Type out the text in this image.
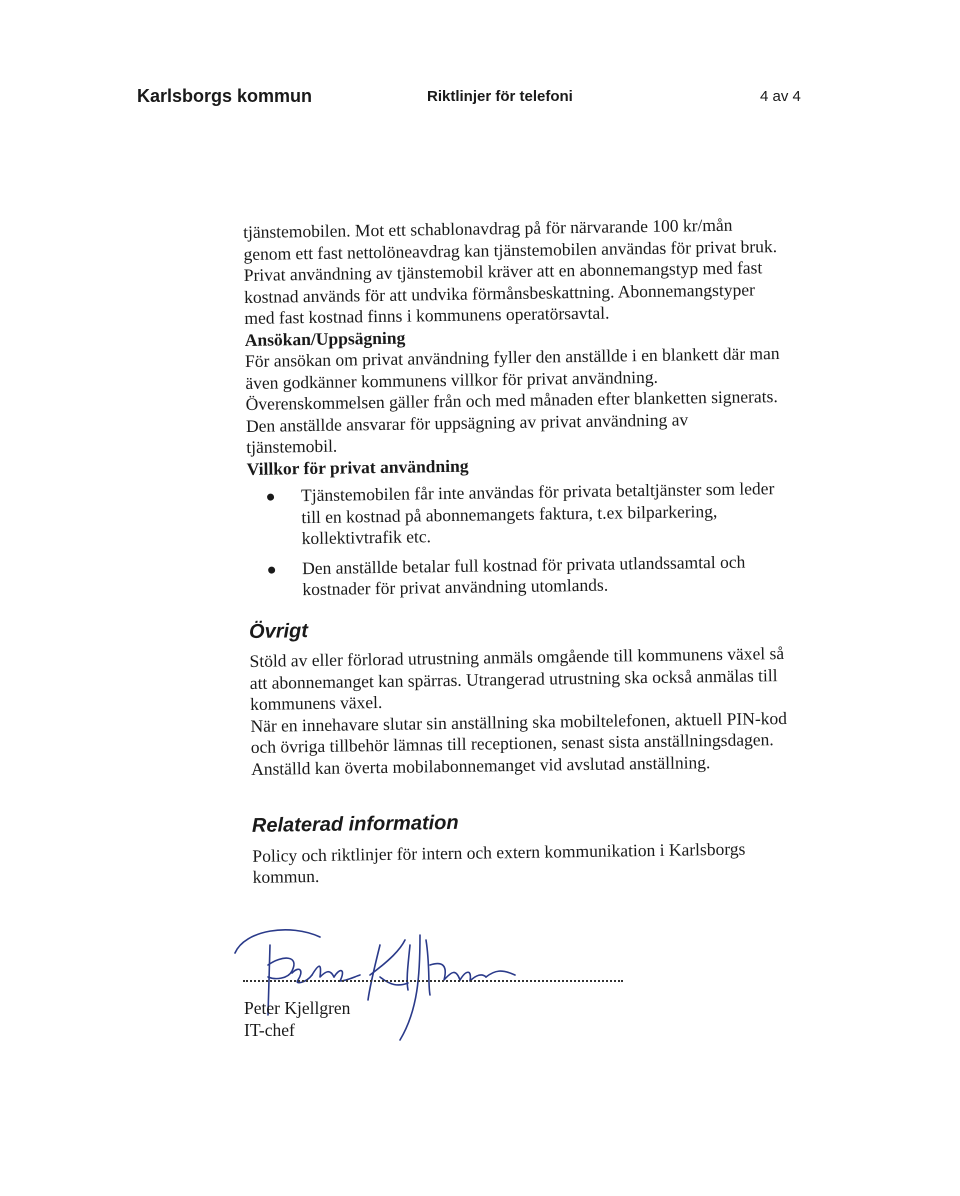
Karlsborgs kommun	Riktlinjer för telefoni	4 av 4

tjänstemobilen. Mot ett schablonavdrag på för närvarande 100 kr/mån
genom ett fast nettolöneavdrag kan tjänstemobilen användas för privat bruk.
Privat användning av tjänstemobil kräver att en abonnemangstyp med fast
kostnad används för att undvika förmånsbeskattning. Abonnemangstyper
med fast kostnad finns i kommunens operatörsavtal.

Ansökan/Uppsägning

För ansökan om privat användning fyller den anställde i en blankett där man
även godkänner kommunens villkor för privat användning.
Överenskommelsen gäller från och med månaden efter blanketten signerats.
Den anställde ansvarar för uppsägning av privat användning av
tjänstemobil.

Villkor för privat användning
Tjänstemobilen får inte användas för privata betaltjänster som leder
till en kostnad på abonnemangets faktura, t.ex bilparkering,
kollektivtrafik etc.
Den anställde betalar full kostnad för privata utlandssamtal och
kostnader för privat användning utomlands.
Övrigt

Stöld av eller förlorad utrustning anmäls omgående till kommunens växel så
att abonnemanget kan spärras. Utrangerad utrustning ska också anmälas till
kommunens växel.
När en innehavare slutar sin anställning ska mobiltelefonen, aktuell PIN-kod
och övriga tillbehör lämnas till receptionen, senast sista anställningsdagen.
Anställd kan överta mobilabonnemanget vid avslutad anställning.

Relaterad information

Policy och riktlinjer för intern och extern kommunikation i Karlsborgs
kommun.

Peter Kjellgren
IT-chef
